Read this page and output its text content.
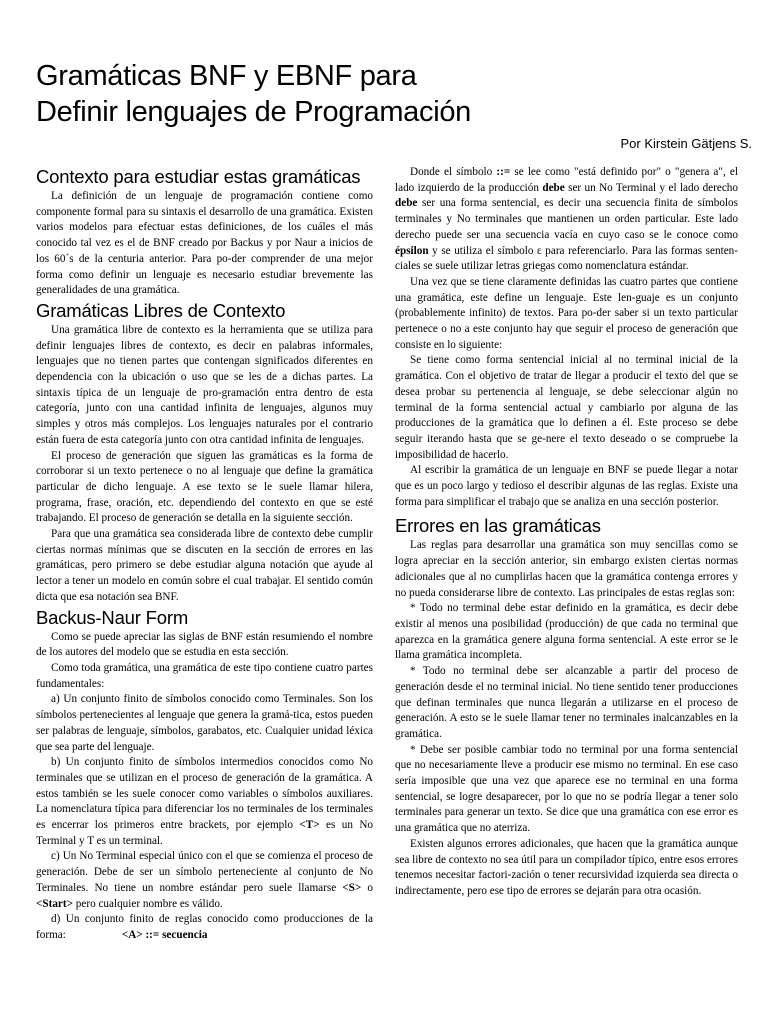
Gramáticas BNF y EBNF para
Definir lenguajes de Programación
Por Kirstein Gätjens S.
Contexto para estudiar estas gramáticas

La definición de un lenguaje de programación contiene como componente formal para su sintaxis el desarrollo de una gramática. Existen varios modelos para efectuar estas definiciones, de los cuáles el más conocido tal vez es el de BNF creado por Backus y por Naur a inicios de los 60´s de la centuria anterior. Para po-der comprender de una mejor forma como definir un lenguaje es necesario estudiar brevemente las generalidades de una gramática.

Gramáticas Libres de Contexto

Una gramática libre de contexto es la herramienta que se utiliza para definir lenguajes libres de contexto, es decir en palabras informales, lenguajes que no tienen partes que contengan significados diferentes en dependencia con la ubicación o uso que se les de a dichas partes. La sintaxis típica de un lenguaje de pro-gramación entra dentro de esta categoría, junto con una cantidad infinita de lenguajes, algunos muy simples y otros más complejos. Los lenguajes naturales por el contrario están fuera de esta categoría junto con otra cantidad infinita de lenguajes.

El proceso de generación que siguen las gramáticas es la forma de corroborar si un texto pertenece o no al lenguaje que define la gramática particular de dicho lenguaje. A ese texto se le suele llamar hilera, programa, frase, oración, etc. dependiendo del contexto en que se esté trabajando. El proceso de generación se detalla en la siguiente sección.

Para que una gramática sea considerada libre de contexto debe cumplir ciertas normas mínimas que se discuten en la sección de errores en las gramáticas, pero primero se debe estudiar alguna notación que ayude al lector a tener un modelo en común sobre el cual trabajar. El sentido común dicta que esa notación sea BNF.

Backus-Naur Form

Como se puede apreciar las siglas de BNF están resumiendo el nombre de los autores del modelo que se estudia en esta sección.

Como toda gramática, una gramática de este tipo contiene cuatro partes fundamentales:

a) Un conjunto finito de símbolos conocido como Terminales. Son los símbolos pertenecientes al lenguaje que genera la gramá-tica, estos pueden ser palabras de lenguaje, símbolos, garabatos, etc. Cualquier unidad léxica que sea parte del lenguaje.

b) Un conjunto finito de símbolos intermedios conocidos como No terminales que se utilizan en el proceso de generación de la gramática. A estos también se les suele conocer como variables o símbolos auxiliares. La nomenclatura típica para diferenciar los no terminales de los terminales es encerrar los primeros entre brackets, por ejemplo <T> es un No Terminal y T es un terminal.

c) Un No Terminal especial único con el que se comienza el proceso de generación. Debe de ser un símbolo perteneciente al conjunto de No Terminales. No tiene un nombre estándar pero suele llamarse <S> o <Start> pero cualquier nombre es válido.

d) Un conjunto finito de reglas conocido como producciones de la forma:	<A> ::= secuencia

Donde el símbolo ::= se lee como "está definido por" o "genera a", el lado izquierdo de la producción debe ser un No Terminal y el lado derecho debe ser una forma sentencial, es decir una secuencia finita de símbolos terminales y No terminales que mantienen un orden particular. Este lado derecho puede ser una secuencia vacía en cuyo caso se le conoce como épsilon y se utiliza el símbolo ε para referenciarlo. Para las formas senten-ciales se suele utilizar letras griegas como nomenclatura estándar.

Una vez que se tiene claramente definidas las cuatro partes que contiene una gramática, este define un lenguaje. Este len-guaje es un conjunto (probablemente infinito) de textos. Para po-der saber si un texto particular pertenece o no a este conjunto hay que seguir el proceso de generación que consiste en lo siguiente:

Se tiene como forma sentencial inicial al no terminal inicial de la gramática. Con el objetivo de tratar de llegar a producir el texto del que se desea probar su pertenencia al lenguaje, se debe seleccionar algún no terminal de la forma sentencial actual y cambiarlo por alguna de las producciones de la gramática que lo definen a él. Este proceso se debe seguir iterando hasta que se ge-nere el texto deseado o se compruebe la imposibilidad de hacerlo.

Al escribir la gramática de un lenguaje en BNF se puede llegar a notar que es un poco largo y tedioso el describir algunas de las reglas. Existe una forma para simplificar el trabajo que se analiza en una sección posterior.

Errores en las gramáticas

Las reglas para desarrollar una gramática son muy sencillas como se logra apreciar en la sección anterior, sin embargo existen ciertas normas adicionales que al no cumplirlas hacen que la gramática contenga errores y no pueda considerarse libre de contexto. Las principales de estas reglas son:

* Todo no terminal debe estar definido en la gramática, es decir debe existir al menos una posibilidad (producción) de que cada no terminal que aparezca en la gramática genere alguna forma sentencial. A este error se le llama gramática incompleta.

* Todo no terminal debe ser alcanzable a partir del proceso de generación desde el no terminal inicial. No tiene sentido tener producciones que definan terminales que nunca llegarán a utilizarse en el proceso de generación. A esto se le suele llamar tener no terminales inalcanzables en la gramática.

* Debe ser posible cambiar todo no terminal por una forma sentencial que no necesariamente lleve a producir ese mismo no terminal. En ese caso sería imposible que una vez que aparece ese no terminal en una forma sentencial, se logre desaparecer, por lo que no se podría llegar a tener solo terminales para generar un texto. Se dice que una gramática con ese error es una gramática que no aterriza.

Existen algunos errores adicionales, que hacen que la gramática aunque sea libre de contexto no sea útil para un compilador típico, entre esos errores tenemos necesitar factori-zación o tener recursividad izquierda sea directa o indirectamente, pero ese tipo de errores se dejarán para otra ocasión.
